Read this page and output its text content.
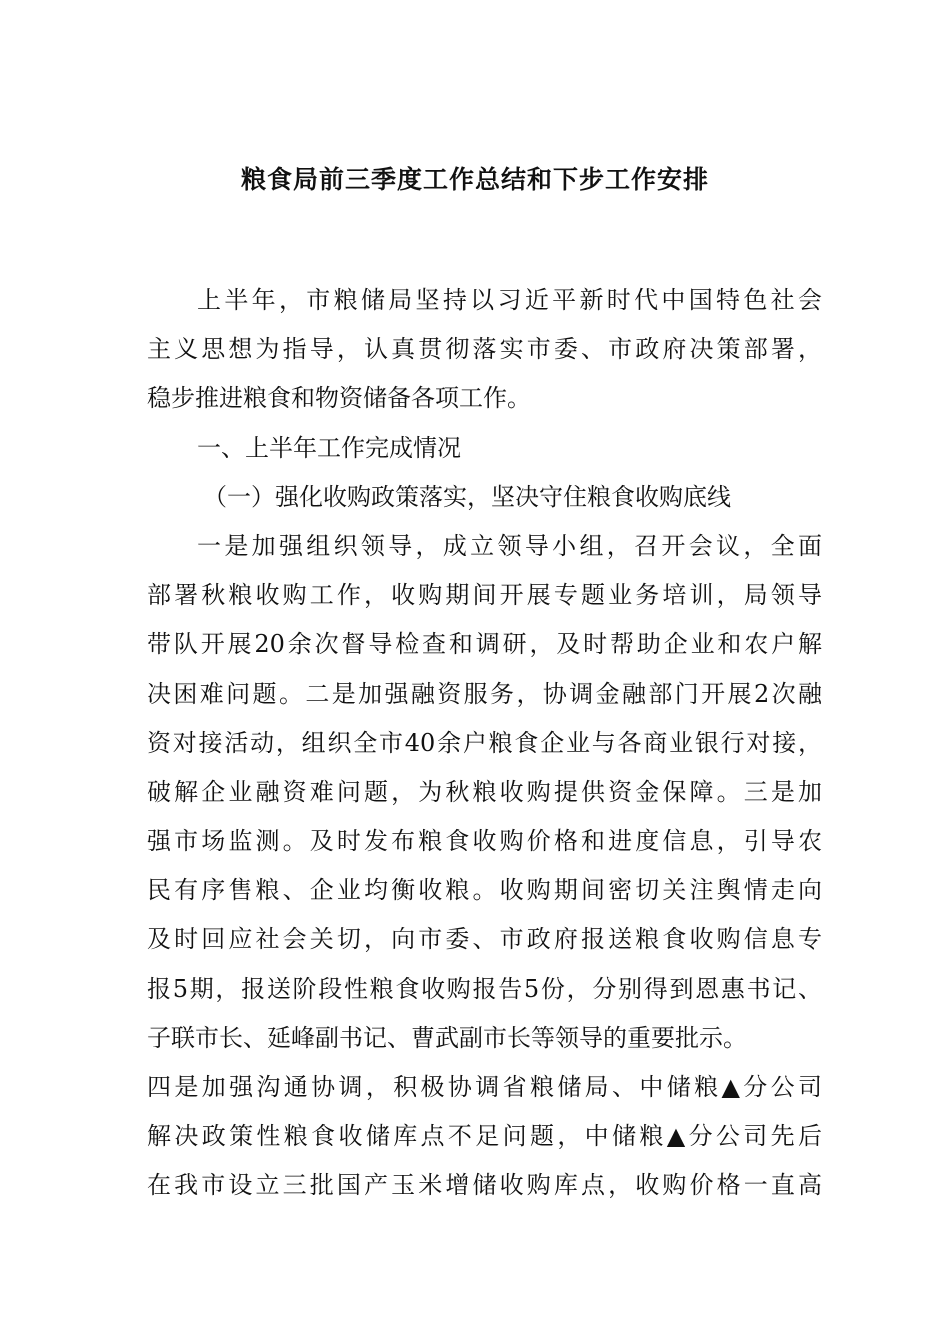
粮食局前三季度工作总结和下步工作安排
上半年，市粮储局坚持以习近平新时代中国特色社会
主义思想为指导，认真贯彻落实市委、市政府决策部署，
稳步推进粮食和物资储备各项工作。
一、上半年工作完成情况
（一）强化收购政策落实，坚决守住粮食收购底线
一是加强组织领导，成立领导小组，召开会议，全面
部署秋粮收购工作，收购期间开展专题业务培训，局领导
带队开展20余次督导检查和调研，及时帮助企业和农户解
决困难问题。二是加强融资服务，协调金融部门开展2次融
资对接活动，组织全市40余户粮食企业与各商业银行对接，
破解企业融资难问题，为秋粮收购提供资金保障。三是加
强市场监测。及时发布粮食收购价格和进度信息，引导农
民有序售粮、企业均衡收粮。收购期间密切关注舆情走向
及时回应社会关切，向市委、市政府报送粮食收购信息专
报5期，报送阶段性粮食收购报告5份，分别得到恩惠书记、
子联市长、延峰副书记、曹武副市长等领导的重要批示。
四是加强沟通协调，积极协调省粮储局、中储粮▲分公司
解决政策性粮食收储库点不足问题，中储粮▲分公司先后
在我市设立三批国产玉米增储收购库点，收购价格一直高
